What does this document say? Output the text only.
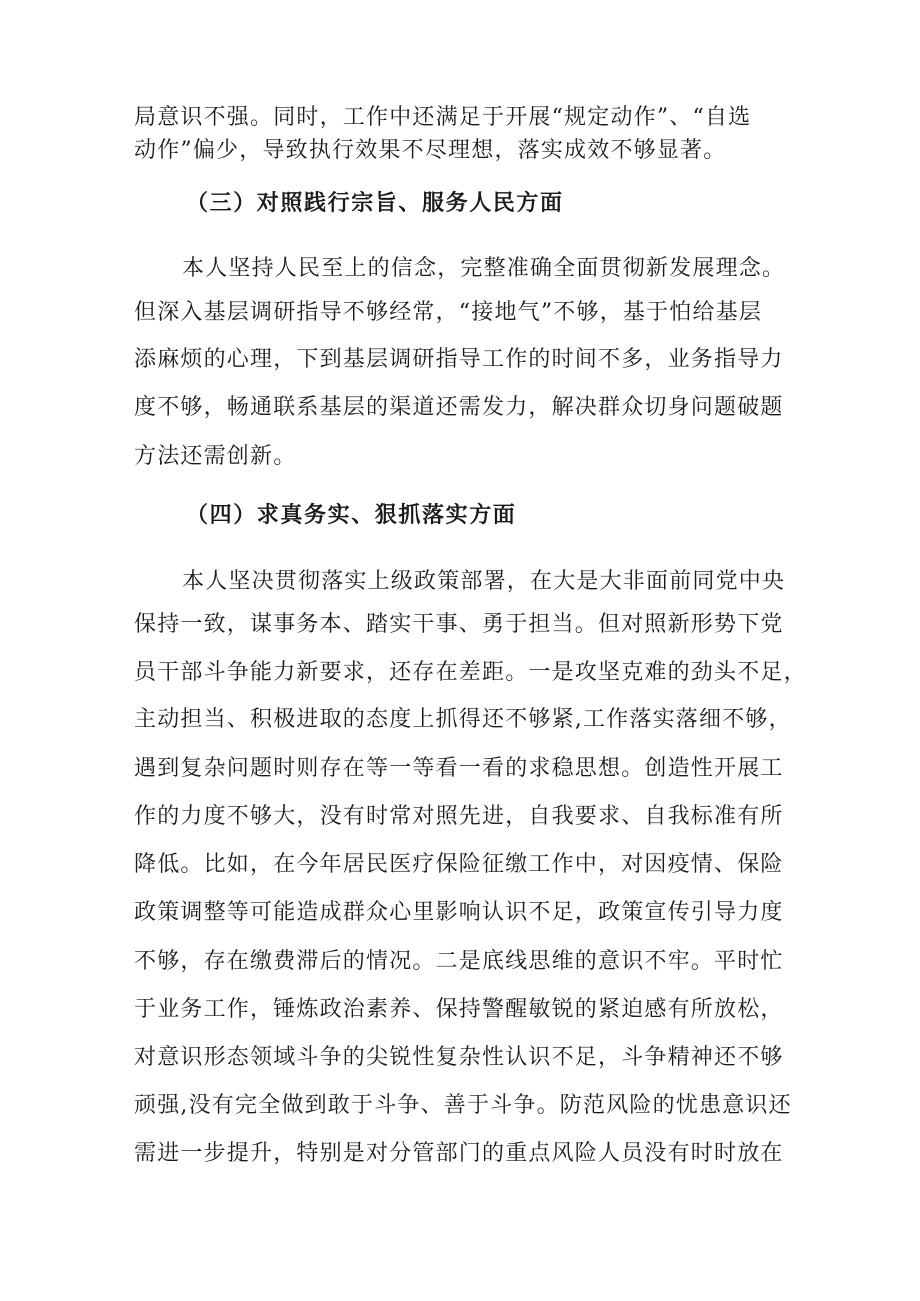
局意识不强。同时，工作中还满足于开展“规定动作”、“自选
动作”偏少，导致执行效果不尽理想，落实成效不够显著。
（三）对照践行宗旨、服务人民方面
本人坚持人民至上的信念，完整准确全面贯彻新发展理念。
但深入基层调研指导不够经常，“接地气”不够，基于怕给基层
添麻烦的心理，下到基层调研指导工作的时间不多，业务指导力
度不够，畅通联系基层的渠道还需发力，解决群众切身问题破题
方法还需创新。
（四）求真务实、狠抓落实方面
本人坚决贯彻落实上级政策部署，在大是大非面前同党中央
保持一致，谋事务本、踏实干事、勇于担当。但对照新形势下党
员干部斗争能力新要求，还存在差距。一是攻坚克难的劲头不足，
主动担当、积极进取的态度上抓得还不够紧,工作落实落细不够，
遇到复杂问题时则存在等一等看一看的求稳思想。创造性开展工
作的力度不够大，没有时常对照先进，自我要求、自我标准有所
降低。比如，在今年居民医疗保险征缴工作中，对因疫情、保险
政策调整等可能造成群众心里影响认识不足，政策宣传引导力度
不够，存在缴费滞后的情况。二是底线思维的意识不牢。平时忙
于业务工作，锤炼政治素养、保持警醒敏锐的紧迫感有所放松，
对意识形态领域斗争的尖锐性复杂性认识不足，斗争精神还不够
顽强,没有完全做到敢于斗争、善于斗争。防范风险的忧患意识还
需进一步提升，特别是对分管部门的重点风险人员没有时时放在
